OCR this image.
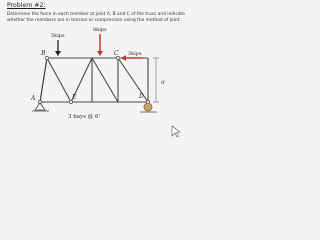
Problem #2:
Determine the force in each member at joint A, B and C of the truss and indicate whether the members are in tension or compression using the method of joint.
5kips
8kips
3kips
A
B	C
D
E
8'
3 bays @ 6'
